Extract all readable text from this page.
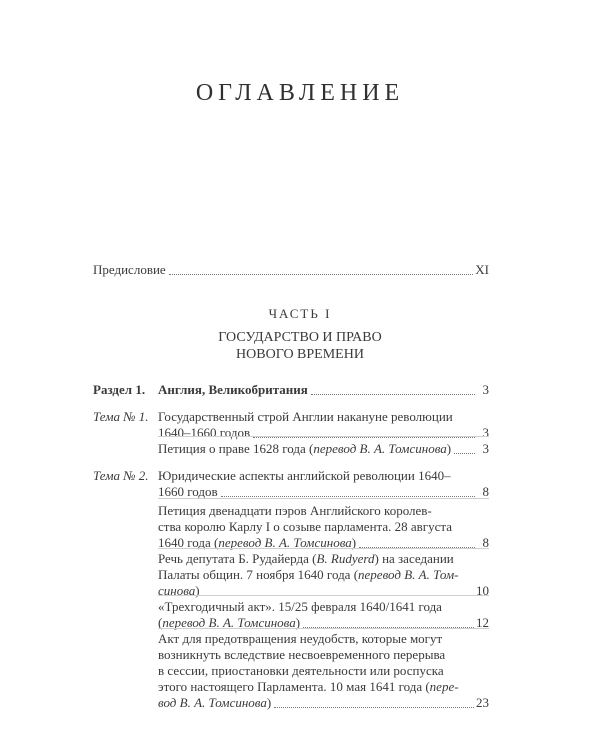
ОГЛАВЛЕНИЕ
Предисловие	XI
ЧАСТЬ I
ГОСУДАРСТВО И ПРАВО
НОВОГО ВРЕМЕНИ
Раздел 1. Англия, Великобритания	3
Тема № 1. Государственный строй Англии накануне революции
1640–1660 годов	3
Петиция о праве 1628 года (перевод В. А. Томсинова)	3
Тема № 2. Юридические аспекты английской революции 1640–
1660 годов	8
Петиция двенадцати пэров Английского королев-
ства королю Карлу I о созыве парламента. 28 августа
1640 года (перевод В. А. Томсинова)	8
Речь депутата Б. Рудайерда (B. Rudyerd) на заседании
Палаты общин. 7 ноября 1640 года (перевод В. А. Том-
синова)	10
«Трехгодичный акт». 15/25 февраля 1640/1641 года
(перевод В. А. Томсинова)	12
Акт для предотвращения неудобств, которые могут
возникнуть вследствие несвоевременного перерыва
в сессии, приостановки деятельности или роспуска
этого настоящего Парламента. 10 мая 1641 года (пере-
вод В. А. Томсинова)	23
